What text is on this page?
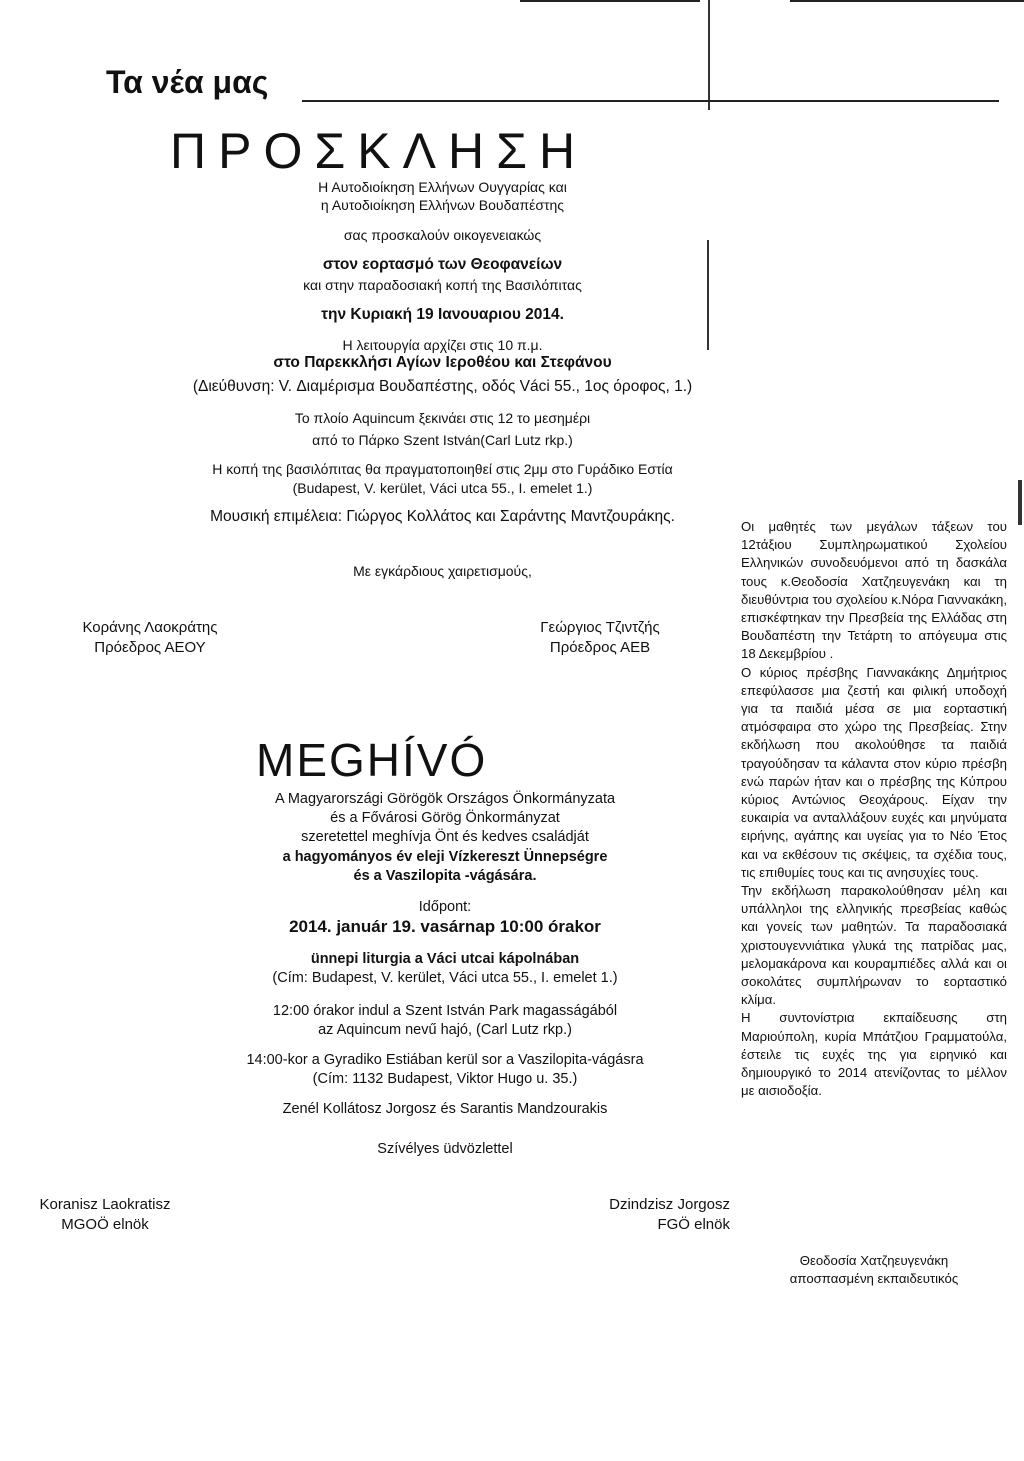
Τα νέα μας
ΠΡΟΣΚΛΗΣΗ
Η Αυτοδιοίκηση Ελλήνων Ουγγαρίας και
η Αυτοδιοίκηση Ελλήνων Βουδαπέστης
σας προσκαλούν οικογενειακώς
στον εορτασμό των Θεοφανείων
και στην παραδοσιακή κοπή της Βασιλόπιτας
την Κυριακή 19 Ιανουαριου 2014.
Η λειτουργία αρχίζει στις 10 π.μ.
στο Παρεκκλήσι Αγίων Ιεροθέου και Στεφάνου
(Διεύθυνση: V. Διαμέρισμα Βουδαπέστης, οδός Váci 55., 1ος όροφος, 1.)
Το πλοίο Aquincum ξεκινάει στις 12 το μεσημέρι
από το Πάρκο Szent István(Carl Lutz rkp.)
Η κοπή της βασιλόπιτας θα πραγματοποιηθεί στις 2μμ στο Γυράδικο Εστία
(Budapest, V. kerület, Váci utca 55., I. emelet 1.)
Μουσική επιμέλεια: Γιώργος Κολλάτος και Σαράντης Μαντζουράκης.
Με εγκάρδιους χαιρετισμούς,
Κοράνης Λαοκράτης
Πρόεδρος ΑΕΟΥ
Γεώργιος Τζιντζής
Πρόεδρος ΑΕΒ
MEGHÍVÓ
A Magyarországi Görögök Országos Önkormányzata
és a Fővárosi Görög Önkormányzat
szeretettel meghívja Önt és kedves családját
a hagyományos év eleji Vízkereszt Ünnepségre
és a Vaszilopita -vágására.
Időpont:
2014. január 19. vasárnap 10:00 órakor
ünnepi liturgia a Váci utcai kápolnában
(Cím: Budapest, V. kerület, Váci utca 55., I. emelet 1.)
12:00 órakor indul a Szent István Park magasságából
az Aquincum nevű hajó, (Carl Lutz rkp.)
14:00-kor a Gyradiko Estiában kerül sor a Vaszilopita-vágásra
(Cím: 1132 Budapest, Viktor Hugo u. 35.)
Zenél Kollátosz Jorgosz és Sarantis Mandzourakis
Szívélyes üdvözlettel
Koranisz Laokratisz
MGOÖ elnök
Dzindzisz Jorgosz
FGÖ elnök

Οι μαθητές των μεγάλων τάξεων του 12τάξιου Συμπληρωματικού Σχολείου Ελληνικών συνοδευόμενοι από τη δασκάλα τους κ.Θεοδοσία Χατζηευγενάκη και τη διευθύντρια του σχολείου κ.Νόρα Γιαννακάκη, επισκέφτηκαν την Πρεσβεία της Ελλάδας στη Βουδαπέστη την Τετάρτη το απόγευμα στις 18 Δεκεμβρίου .

Ο κύριος πρέσβης Γιαννακάκης Δημήτριος επεφύλασσε μια ζεστή και φιλική υποδοχή για τα παιδιά μέσα σε μια εορταστική ατμόσφαιρα στο χώρο της Πρεσβείας. Στην εκδήλωση που ακολούθησε τα παιδιά τραγούδησαν τα κάλαντα στον κύριο πρέσβη ενώ παρών ήταν και ο πρέσβης της Κύπρου κύριος Αντώνιος Θεοχάρους. Είχαν την ευκαιρία να ανταλλάξουν ευχές και μηνύματα ειρήνης, αγάπης και υγείας για το Νέο Έτος και να εκθέσουν τις σκέψεις, τα σχέδια τους, τις επιθυμίες τους και τις ανησυχίες τους.

Την εκδήλωση παρακολούθησαν μέλη και υπάλληλοι της ελληνικής πρεσβείας καθώς και γονείς των μαθητών. Τα παραδοσιακά χριστουγεννιάτικα γλυκά της πατρίδας μας, μελομακάρονα και κουραμπιέδες αλλά και οι σοκολάτες συμπλήρωναν το εορταστικό κλίμα.

Η συντονίστρια εκπαίδευσης στη Μαριούπολη, κυρία Μπάτζιου Γραμματούλα, έστειλε τις ευχές της για ειρηνικό και δημιουργικό το 2014 ατενίζοντας το μέλλον με αισιοδοξία.

Θεοδοσία Χατζηευγενάκη
αποσπασμένη εκπαιδευτικός
